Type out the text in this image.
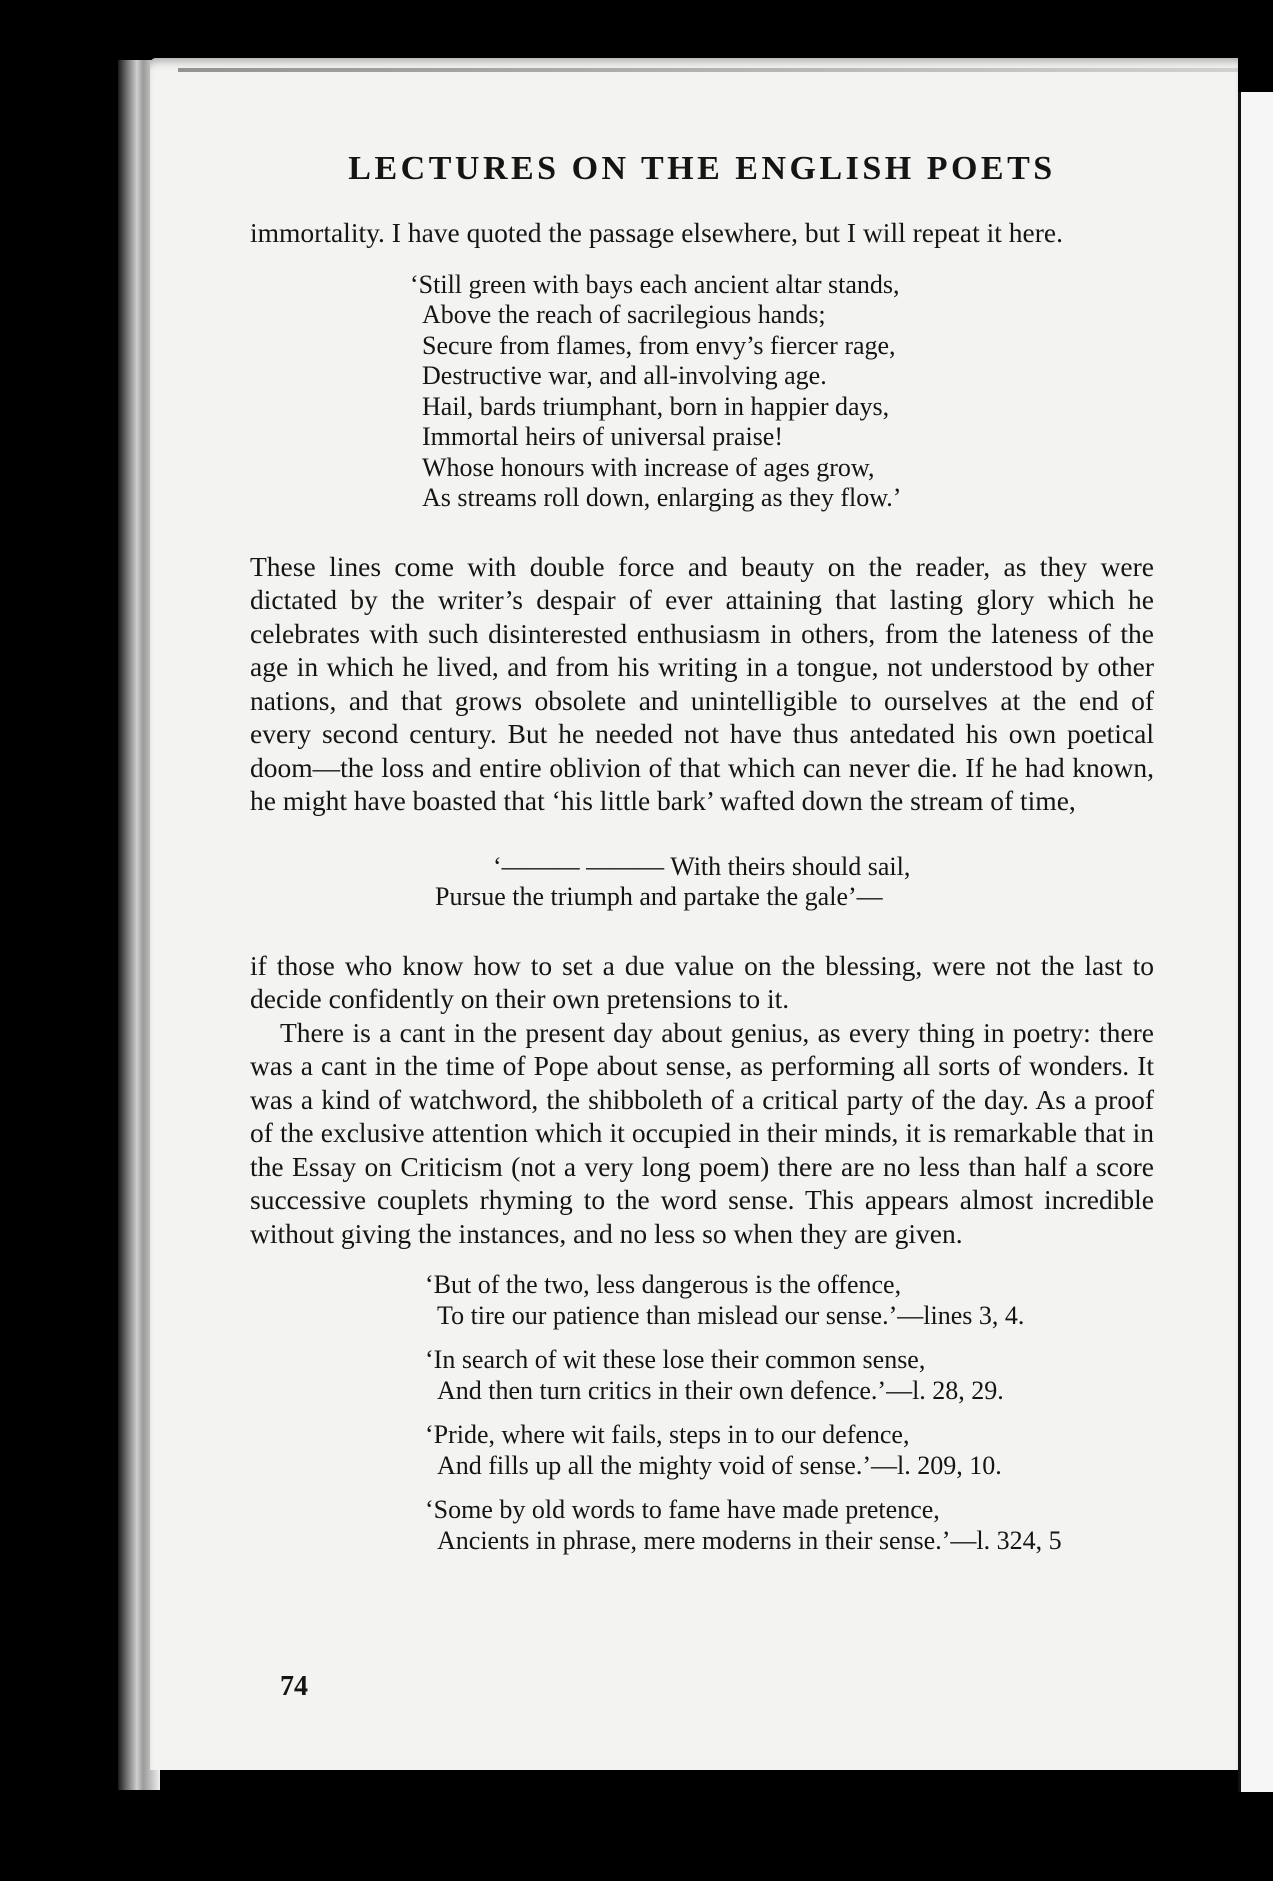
LECTURES ON THE ENGLISH POETS

immortality. I have quoted the passage elsewhere, but I will repeat it here.

‘Still green with bays each ancient altar stands,
Above the reach of sacrilegious hands;
Secure from flames, from envy’s fiercer rage,
Destructive war, and all-involving age.
Hail, bards triumphant, born in happier days,
Immortal heirs of universal praise!
Whose honours with increase of ages grow,
As streams roll down, enlarging as they flow.’

These lines come with double force and beauty on the reader, as they were dictated by the writer’s despair of ever attaining that lasting glory which he celebrates with such disinterested enthusiasm in others, from the lateness of the age in which he lived, and from his writing in a tongue, not understood by other nations, and that grows obsolete and unintelligible to ourselves at the end of every second century. But he needed not have thus antedated his own poetical doom—the loss and entire oblivion of that which can never die. If he had known, he might have boasted that ‘his little bark’ wafted down the stream of time,

‘——— ——— With theirs should sail,
Pursue the triumph and partake the gale’—

if those who know how to set a due value on the blessing, were not the last to decide confidently on their own pretensions to it.

There is a cant in the present day about genius, as every thing in poetry: there was a cant in the time of Pope about sense, as performing all sorts of wonders. It was a kind of watchword, the shibboleth of a critical party of the day. As a proof of the exclusive attention which it occupied in their minds, it is remarkable that in the Essay on Criticism (not a very long poem) there are no less than half a score successive couplets rhyming to the word sense. This appears almost incredible without giving the instances, and no less so when they are given.

‘But of the two, less dangerous is the offence,
To tire our patience than mislead our sense.’—lines 3, 4.
‘In search of wit these lose their common sense,
And then turn critics in their own defence.’—l. 28, 29.
‘Pride, where wit fails, steps in to our defence,
And fills up all the mighty void of sense.’—l. 209, 10.
‘Some by old words to fame have made pretence,
Ancients in phrase, mere moderns in their sense.’—l. 324, 5
74
